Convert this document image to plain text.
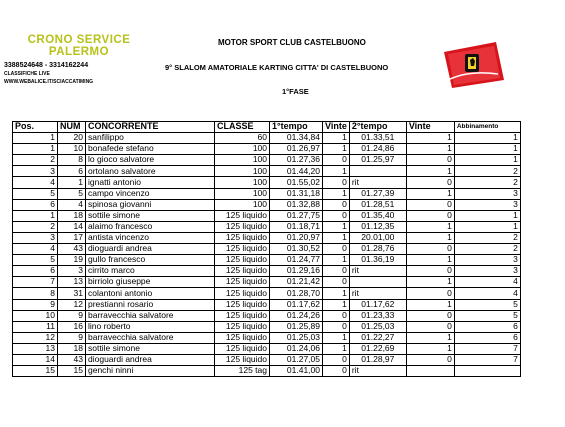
CRONO SERVICE
PALERMO
3388524648 - 3314162244
CLASSIFICHE LIVE
WWW.WEBALICE.IT/SCIACCATIMING
MOTOR SPORT CLUB CASTELBUONO
9° SLALOM AMATORIALE KARTING CITTA' DI CASTELBUONO
1°FASE
Pos.	NUM	CONCORRENTE	CLASSE	1°tempo	Vinte	2°tempo	Vinte	Abbinamento
1	20	sanfilippo	60	01.34,84	1	01.33,51	1	1
1	10	bonafede stefano	100	01.26,97	1	01.24,86	1	1
2	8	lo gioco salvatore	100	01.27,36	0	01.25,97	0	1
3	6	ortolano salvatore	100	01.44,20	1		1	2
4	1	ignatti antonio	100	01.55,02	0	rit	0	2
5	5	campo vincenzo	100	01.31,18	1	01.27,39	1	3
6	4	spinosa giovanni	100	01.32,88	0	01.28,51	0	3
1	18	sottile simone	125 liquido	01.27,75	0	01.35,40	0	1
2	14	alaimo francesco	125 liquido	01.18,71	1	01.12,35	1	1
3	17	antista vincenzo	125 liquido	01.20,97	1	20.01,00	1	2
4	43	dioguardi andrea	125 liquido	01.30,52	0	01.28,76	0	2
5	19	gullo francesco	125 liquido	01.24,77	1	01.36,19	1	3
6	3	cirrito marco	125 liquido	01.29,16	0	rit	0	3
7	13	birriolo giuseppe	125 liquido	01.21,42	0		1	4
8	31	colantoni antonio	125 liquido	01.28,70	1	rit	0	4
9	12	prestianni rosario	125 liquido	01.17,62	1	01.17,62	1	5
10	9	barravecchia salvatore	125 liquido	01.24,26	0	01.23,33	0	5
11	16	lino roberto	125 liquido	01.25,89	0	01.25,03	0	6
12	9	barravecchia salvatore	125 liquido	01.25,03	1	01.22,27	1	6
13	18	sottile simone	125 liquido	01.24,06	1	01.22,69	1	7
14	43	dioguardi andrea	125 liquido	01.27,05	0	01.28,97	0	7
15	15	genchi ninni	125 tag	01.41,00	0	rit		
